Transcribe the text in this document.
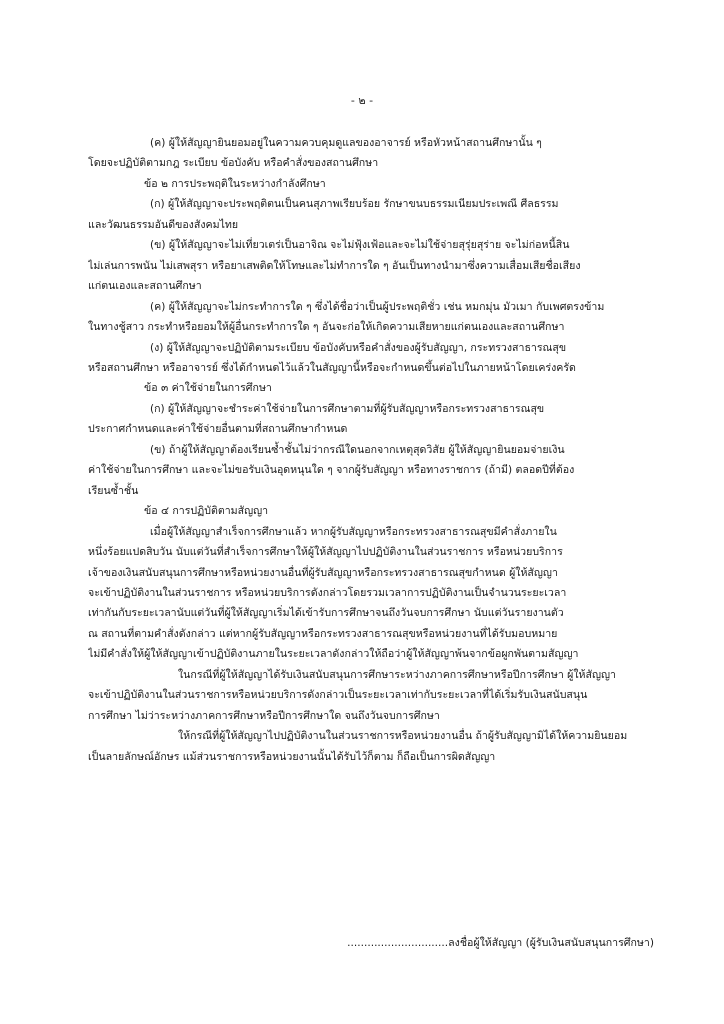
- ๒ -

(ค) ผู้ให้สัญญายินยอมอยู่ในความควบคุมดูแลของอาจารย์ หรือหัวหน้าสถานศึกษานั้น ๆ

โดยจะปฏิบัติตามกฎ ระเบียบ ข้อบังคับ หรือคำสั่งของสถานศึกษา

ข้อ ๒ การประพฤติในระหว่างกำลังศึกษา

(ก) ผู้ให้สัญญาจะประพฤติตนเป็นคนสุภาพเรียบร้อย รักษาขนบธรรมเนียมประเพณี ศีลธรรม

และวัฒนธรรมอันดีของสังคมไทย

(ข) ผู้ให้สัญญาจะไม่เที่ยวเตร่เป็นอาจิณ จะไม่ฟุ้งเฟ้อและจะไม่ใช้จ่ายสุรุ่ยสุร่าย จะไม่ก่อหนี้สิน

ไม่เล่นการพนัน ไม่เสพสุรา หรือยาเสพติดให้โทษและไม่ทำการใด ๆ อันเป็นทางนำมาซึ่งความเสื่อมเสียชื่อเสียง

แก่ตนเองและสถานศึกษา

(ค) ผู้ให้สัญญาจะไม่กระทำการใด ๆ ซึ่งได้ชื่อว่าเป็นผู้ประพฤติชั่ว เช่น หมกมุ่น มัวเมา กับเพศตรงข้าม

ในทางชู้สาว กระทำหรือยอมให้ผู้อื่นกระทำการใด ๆ อันจะก่อให้เกิดความเสียหายแก่ตนเองและสถานศึกษา

(ง) ผู้ให้สัญญาจะปฏิบัติตามระเบียบ ข้อบังคับหรือคำสั่งของผู้รับสัญญา, กระทรวงสาธารณสุข

หรือสถานศึกษา หรืออาจารย์ ซึ่งได้กำหนดไว้แล้วในสัญญานี้หรือจะกำหนดขึ้นต่อไปในภายหน้าโดยเคร่งครัด

ข้อ ๓ ค่าใช้จ่ายในการศึกษา

(ก) ผู้ให้สัญญาจะชำระค่าใช้จ่ายในการศึกษาตามที่ผู้รับสัญญาหรือกระทรวงสาธารณสุข

ประกาศกำหนดและค่าใช้จ่ายอื่นตามที่สถานศึกษากำหนด

(ข) ถ้าผู้ให้สัญญาต้องเรียนซ้ำชั้นไม่ว่ากรณีใดนอกจากเหตุสุดวิสัย ผู้ให้สัญญายินยอมจ่ายเงิน

ค่าใช้จ่ายในการศึกษา และจะไม่ขอรับเงินอุดหนุนใด ๆ จากผู้รับสัญญา หรือทางราชการ (ถ้ามี) ตลอดปีที่ต้อง

เรียนซ้ำชั้น

ข้อ ๔ การปฏิบัติตามสัญญา

เมื่อผู้ให้สัญญาสำเร็จการศึกษาแล้ว หากผู้รับสัญญาหรือกระทรวงสาธารณสุขมีคำสั่งภายใน

หนึ่งร้อยแปดสิบวัน นับแต่วันที่สำเร็จการศึกษาให้ผู้ให้สัญญาไปปฏิบัติงานในส่วนราชการ หรือหน่วยบริการ

เจ้าของเงินสนับสนุนการศึกษาหรือหน่วยงานอื่นที่ผู้รับสัญญาหรือกระทรวงสาธารณสุขกำหนด ผู้ให้สัญญา

จะเข้าปฏิบัติงานในส่วนราชการ หรือหน่วยบริการดังกล่าวโดยรวมเวลาการปฏิบัติงานเป็นจำนวนระยะเวลา

เท่ากันกับระยะเวลานับแต่วันที่ผู้ให้สัญญาเริ่มได้เข้ารับการศึกษาจนถึงวันจบการศึกษา นับแต่วันรายงานตัว

ณ สถานที่ตามคำสั่งดังกล่าว แต่หากผู้รับสัญญาหรือกระทรวงสาธารณสุขหรือหน่วยงานที่ได้รับมอบหมาย

ไม่มีคำสั่งให้ผู้ให้สัญญาเข้าปฏิบัติงานภายในระยะเวลาดังกล่าวให้ถือว่าผู้ให้สัญญาพ้นจากข้อผูกพันตามสัญญา

ในกรณีที่ผู้ให้สัญญาได้รับเงินสนับสนุนการศึกษาระหว่างภาคการศึกษาหรือปีการศึกษา ผู้ให้สัญญา

จะเข้าปฏิบัติงานในส่วนราชการหรือหน่วยบริการดังกล่าวเป็นระยะเวลาเท่ากับระยะเวลาที่ได้เริ่มรับเงินสนับสนุน

การศึกษา ไม่ว่าระหว่างภาคการศึกษาหรือปีการศึกษาใด จนถึงวันจบการศึกษา

ให้กรณีที่ผู้ให้สัญญาไปปฏิบัติงานในส่วนราชการหรือหน่วยงานอื่น ถ้าผู้รับสัญญามิได้ให้ความยินยอม

เป็นลายลักษณ์อักษร แม้ส่วนราชการหรือหน่วยงานนั้นได้รับไว้ก็ตาม ก็ถือเป็นการผิดสัญญา

..............................ลงชื่อผู้ให้สัญญา (ผู้รับเงินสนับสนุนการศึกษา)
